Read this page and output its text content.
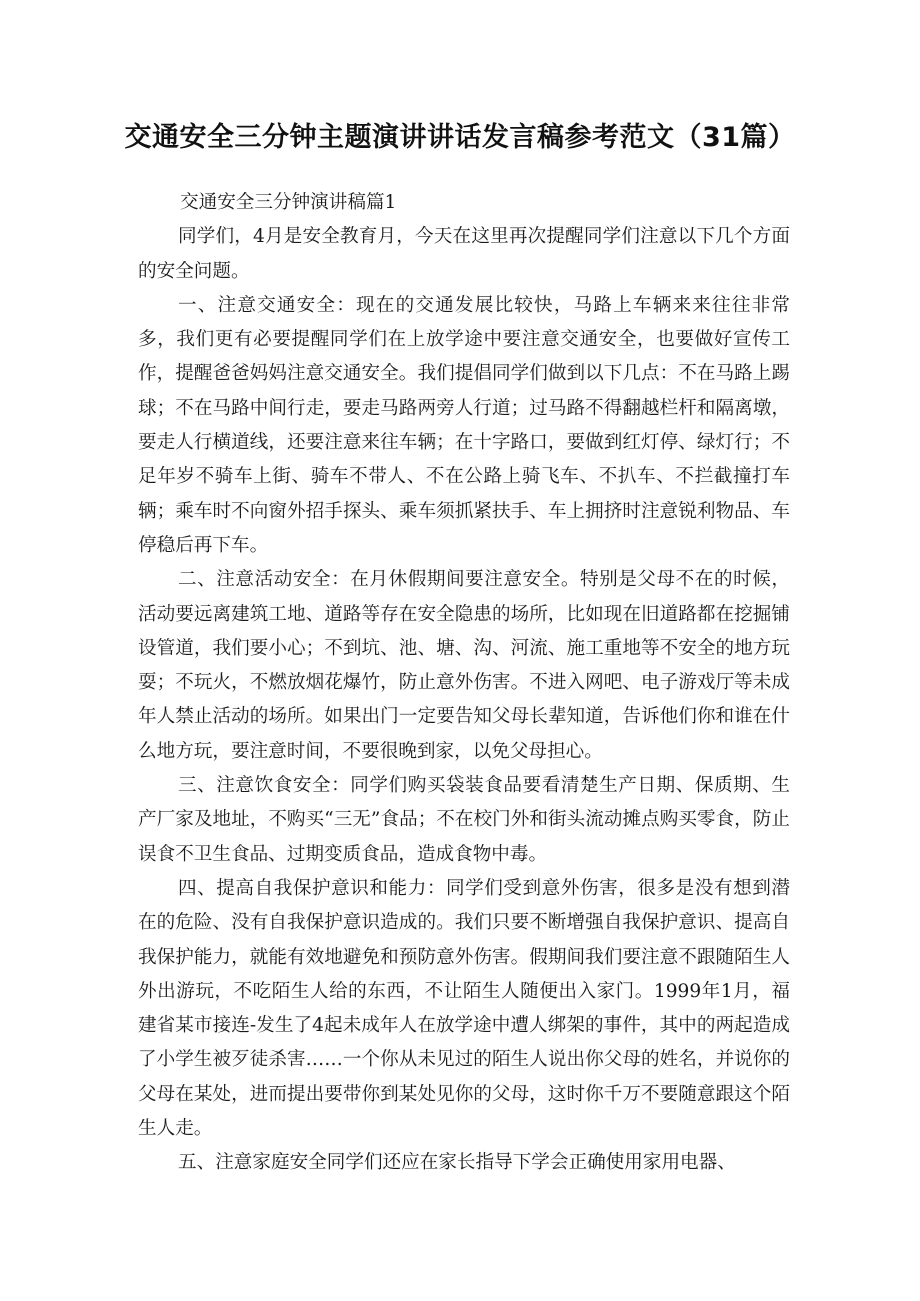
交通安全三分钟主题演讲讲话发言稿参考范文（31篇）

交通安全三分钟演讲稿篇1

同学们，4月是安全教育月，今天在这里再次提醒同学们注意以下几个方面的安全问题。

一、注意交通安全：现在的交通发展比较快，马路上车辆来来往往非常多，我们更有必要提醒同学们在上放学途中要注意交通安全，也要做好宣传工作，提醒爸爸妈妈注意交通安全。我们提倡同学们做到以下几点：不在马路上踢球；不在马路中间行走，要走马路两旁人行道；过马路不得翻越栏杆和隔离墩，要走人行横道线，还要注意来往车辆；在十字路口，要做到红灯停、绿灯行；不足年岁不骑车上街、骑车不带人、不在公路上骑飞车、不扒车、不拦截撞打车辆；乘车时不向窗外招手探头、乘车须抓紧扶手、车上拥挤时注意锐利物品、车停稳后再下车。

二、注意活动安全：在月休假期间要注意安全。特别是父母不在的时候，活动要远离建筑工地、道路等存在安全隐患的场所，比如现在旧道路都在挖掘铺设管道，我们要小心；不到坑、池、塘、沟、河流、施工重地等不安全的地方玩耍；不玩火，不燃放烟花爆竹，防止意外伤害。不进入网吧、电子游戏厅等未成年人禁止活动的场所。如果出门一定要告知父母长辈知道，告诉他们你和谁在什么地方玩，要注意时间，不要很晚到家，以免父母担心。

三、注意饮食安全：同学们购买袋装食品要看清楚生产日期、保质期、生产厂家及地址，不购买“三无”食品；不在校门外和街头流动摊点购买零食，防止误食不卫生食品、过期变质食品，造成食物中毒。

四、提高自我保护意识和能力：同学们受到意外伤害，很多是没有想到潜在的危险、没有自我保护意识造成的。我们只要不断增强自我保护意识、提高自我保护能力，就能有效地避免和预防意外伤害。假期间我们要注意不跟随陌生人外出游玩，不吃陌生人给的东西，不让陌生人随便出入家门。1999年1月，福建省某市接连-发生了4起未成年人在放学途中遭人绑架的事件，其中的两起造成了小学生被歹徒杀害……一个你从未见过的陌生人说出你父母的姓名，并说你的父母在某处，进而提出要带你到某处见你的父母，这时你千万不要随意跟这个陌生人走。

五、注意家庭安全同学们还应在家长指导下学会正确使用家用电器、
